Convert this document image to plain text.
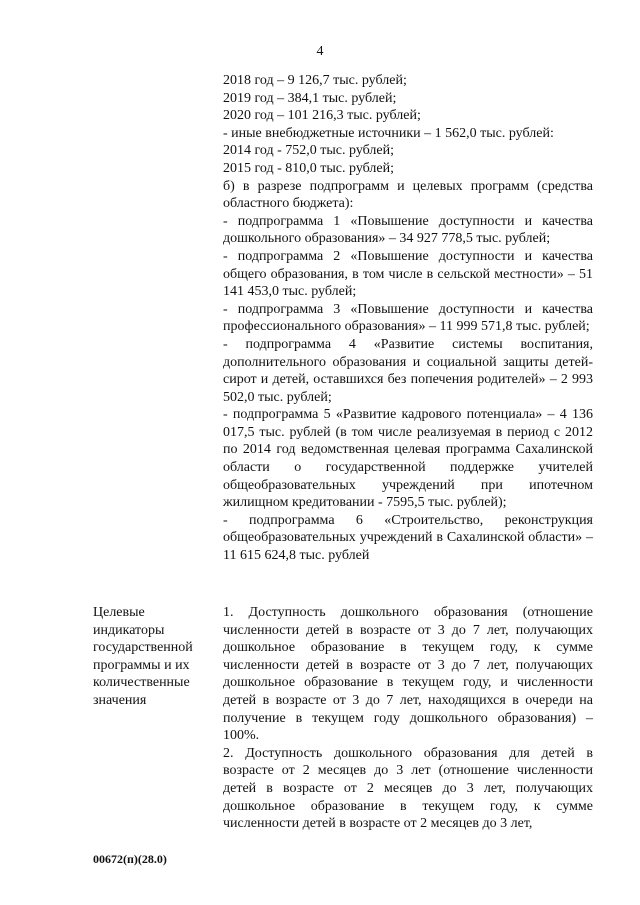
4
2018 год – 9 126,7 тыс. рублей;
2019 год – 384,1 тыс. рублей;
2020 год – 101 216,3 тыс. рублей;
- иные внебюджетные источники – 1 562,0 тыс. рублей:
2014 год - 752,0 тыс. рублей;
2015 год - 810,0 тыс. рублей;

б) в разрезе подпрограмм и целевых программ (средства областного бюджета):

- подпрограмма 1 «Повышение доступности и качества дошкольного образования» – 34 927 778,5 тыс. рублей;

- подпрограмма 2 «Повышение доступности и качества общего образования, в том числе в сельской местности» – 51 141 453,0 тыс. рублей;

- подпрограмма 3 «Повышение доступности и качества профессионального образования» – 11 999 571,8 тыс. рублей;

- подпрограмма 4 «Развитие системы воспитания, дополнительного образования и социальной защиты детей-сирот и детей, оставшихся без попечения родителей» – 2 993 502,0 тыс. рублей;

- подпрограмма 5 «Развитие кадрового потенциала» – 4 136 017,5 тыс. рублей (в том числе реализуемая в период с 2012 по 2014 год ведомственная целевая программа Сахалинской области о государственной поддержке учителей общеобразовательных учреждений при ипотечном жилищном кредитовании - 7595,5 тыс. рублей);

- подпрограмма 6 «Строительство, реконструкция общеобразовательных учреждений в Сахалинской области» – 11 615 624,8 тыс. рублей

Целевые индикаторы государственной программы и их количественные значения

1. Доступность дошкольного образования (отношение численности детей в возрасте от 3 до 7 лет, получающих дошкольное образование в текущем году, к сумме численности детей в возрасте от 3 до 7 лет, получающих дошкольное образование в текущем году, и численности детей в возрасте от 3 до 7 лет, находящихся в очереди на получение в текущем году дошкольного образования) – 100%.

2. Доступность дошкольного образования для детей в возрасте от 2 месяцев до 3 лет (отношение численности детей в возрасте от 2 месяцев до 3 лет, получающих дошкольное образование в текущем году, к сумме численности детей в возрасте от 2 месяцев до 3 лет,

00672(п)(28.0)
